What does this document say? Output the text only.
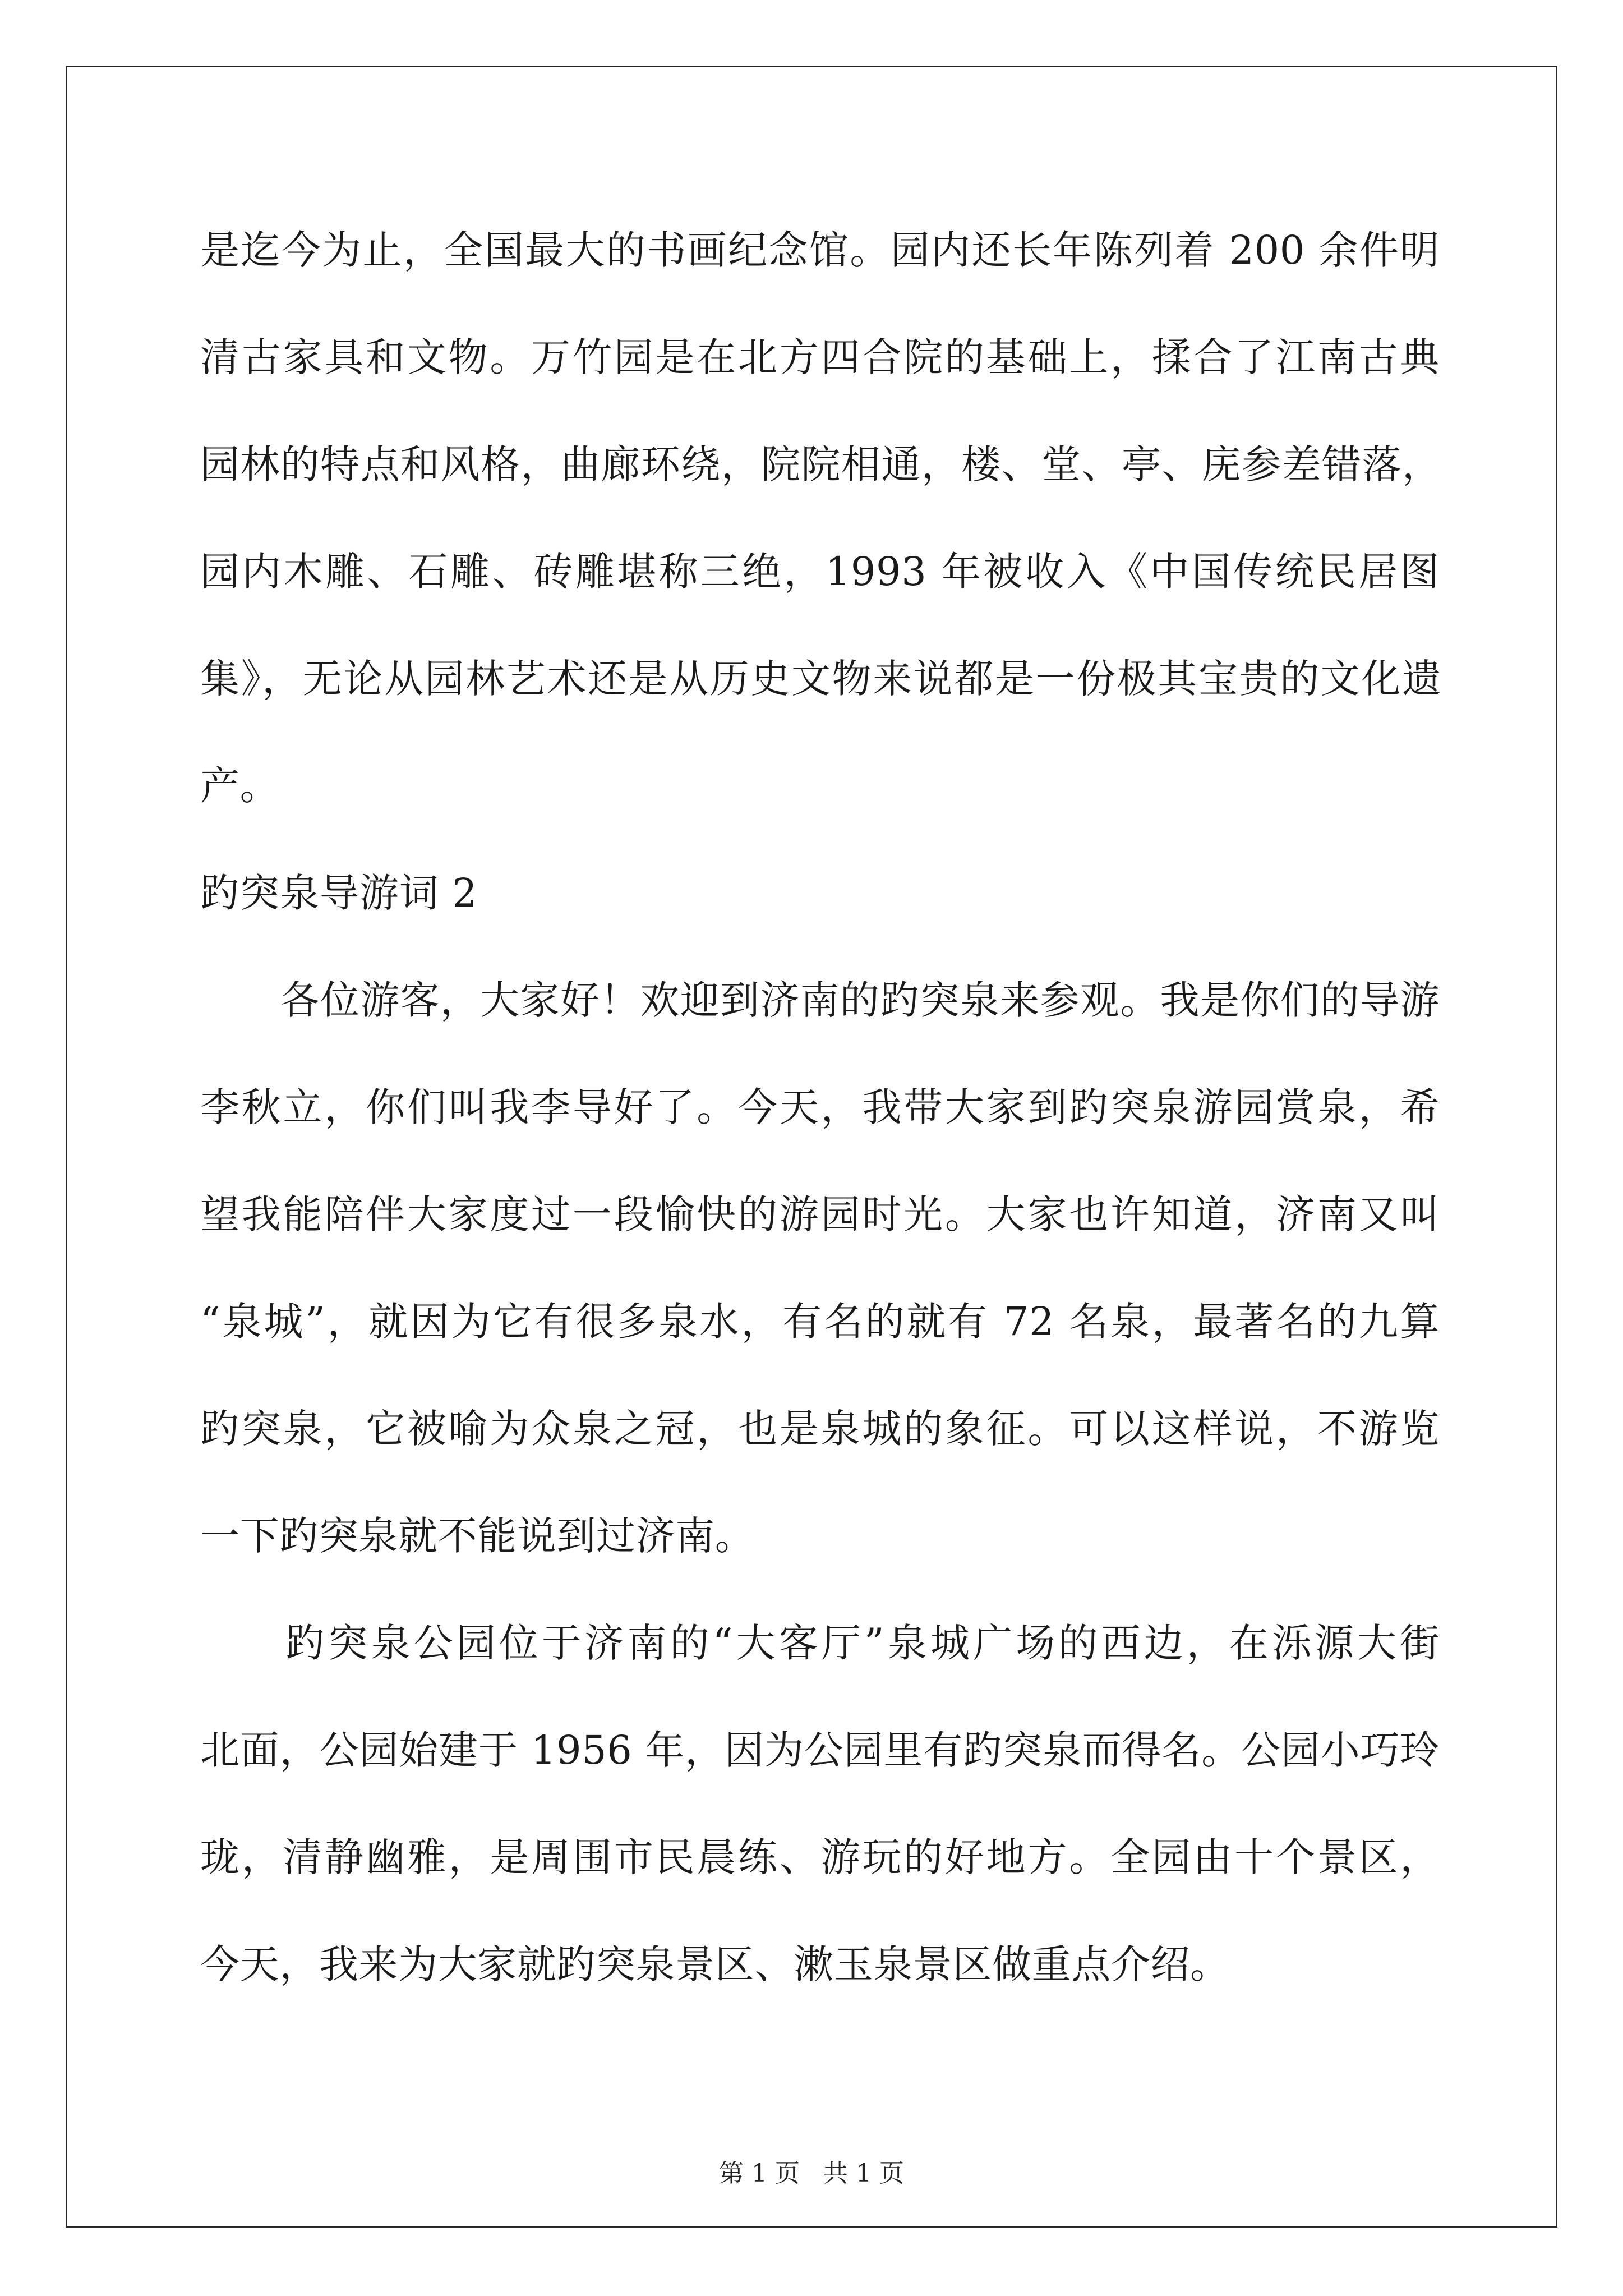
是迄今为止，全国最大的书画纪念馆。园内还长年陈列着 200 余件明
清古家具和文物。万竹园是在北方四合院的基础上，揉合了江南古典
园林的特点和风格，曲廊环绕，院院相通，楼、堂、亭、庑参差错落，
园内木雕、石雕、砖雕堪称三绝，1993 年被收入《中国传统民居图
集》，无论从园林艺术还是从历史文物来说都是一份极其宝贵的文化遗
产。
趵突泉导游词 2
　　各位游客，大家好！欢迎到济南的趵突泉来参观。我是你们的导游
李秋立，你们叫我李导好了。今天，我带大家到趵突泉游园赏泉，希
望我能陪伴大家度过一段愉快的游园时光。大家也许知道，济南又叫
“泉城”，就因为它有很多泉水，有名的就有 72 名泉，最著名的九算
趵突泉，它被喻为众泉之冠，也是泉城的象征。可以这样说，不游览
一下趵突泉就不能说到过济南。
　　趵突泉公园位于济南的“大客厅”泉城广场的西边，在泺源大街
北面，公园始建于 1956 年，因为公园里有趵突泉而得名。公园小巧玲
珑，清静幽雅，是周围市民晨练、游玩的好地方。全园由十个景区，
今天，我来为大家就趵突泉景区、漱玉泉景区做重点介绍。
第 1 页   共 1 页
